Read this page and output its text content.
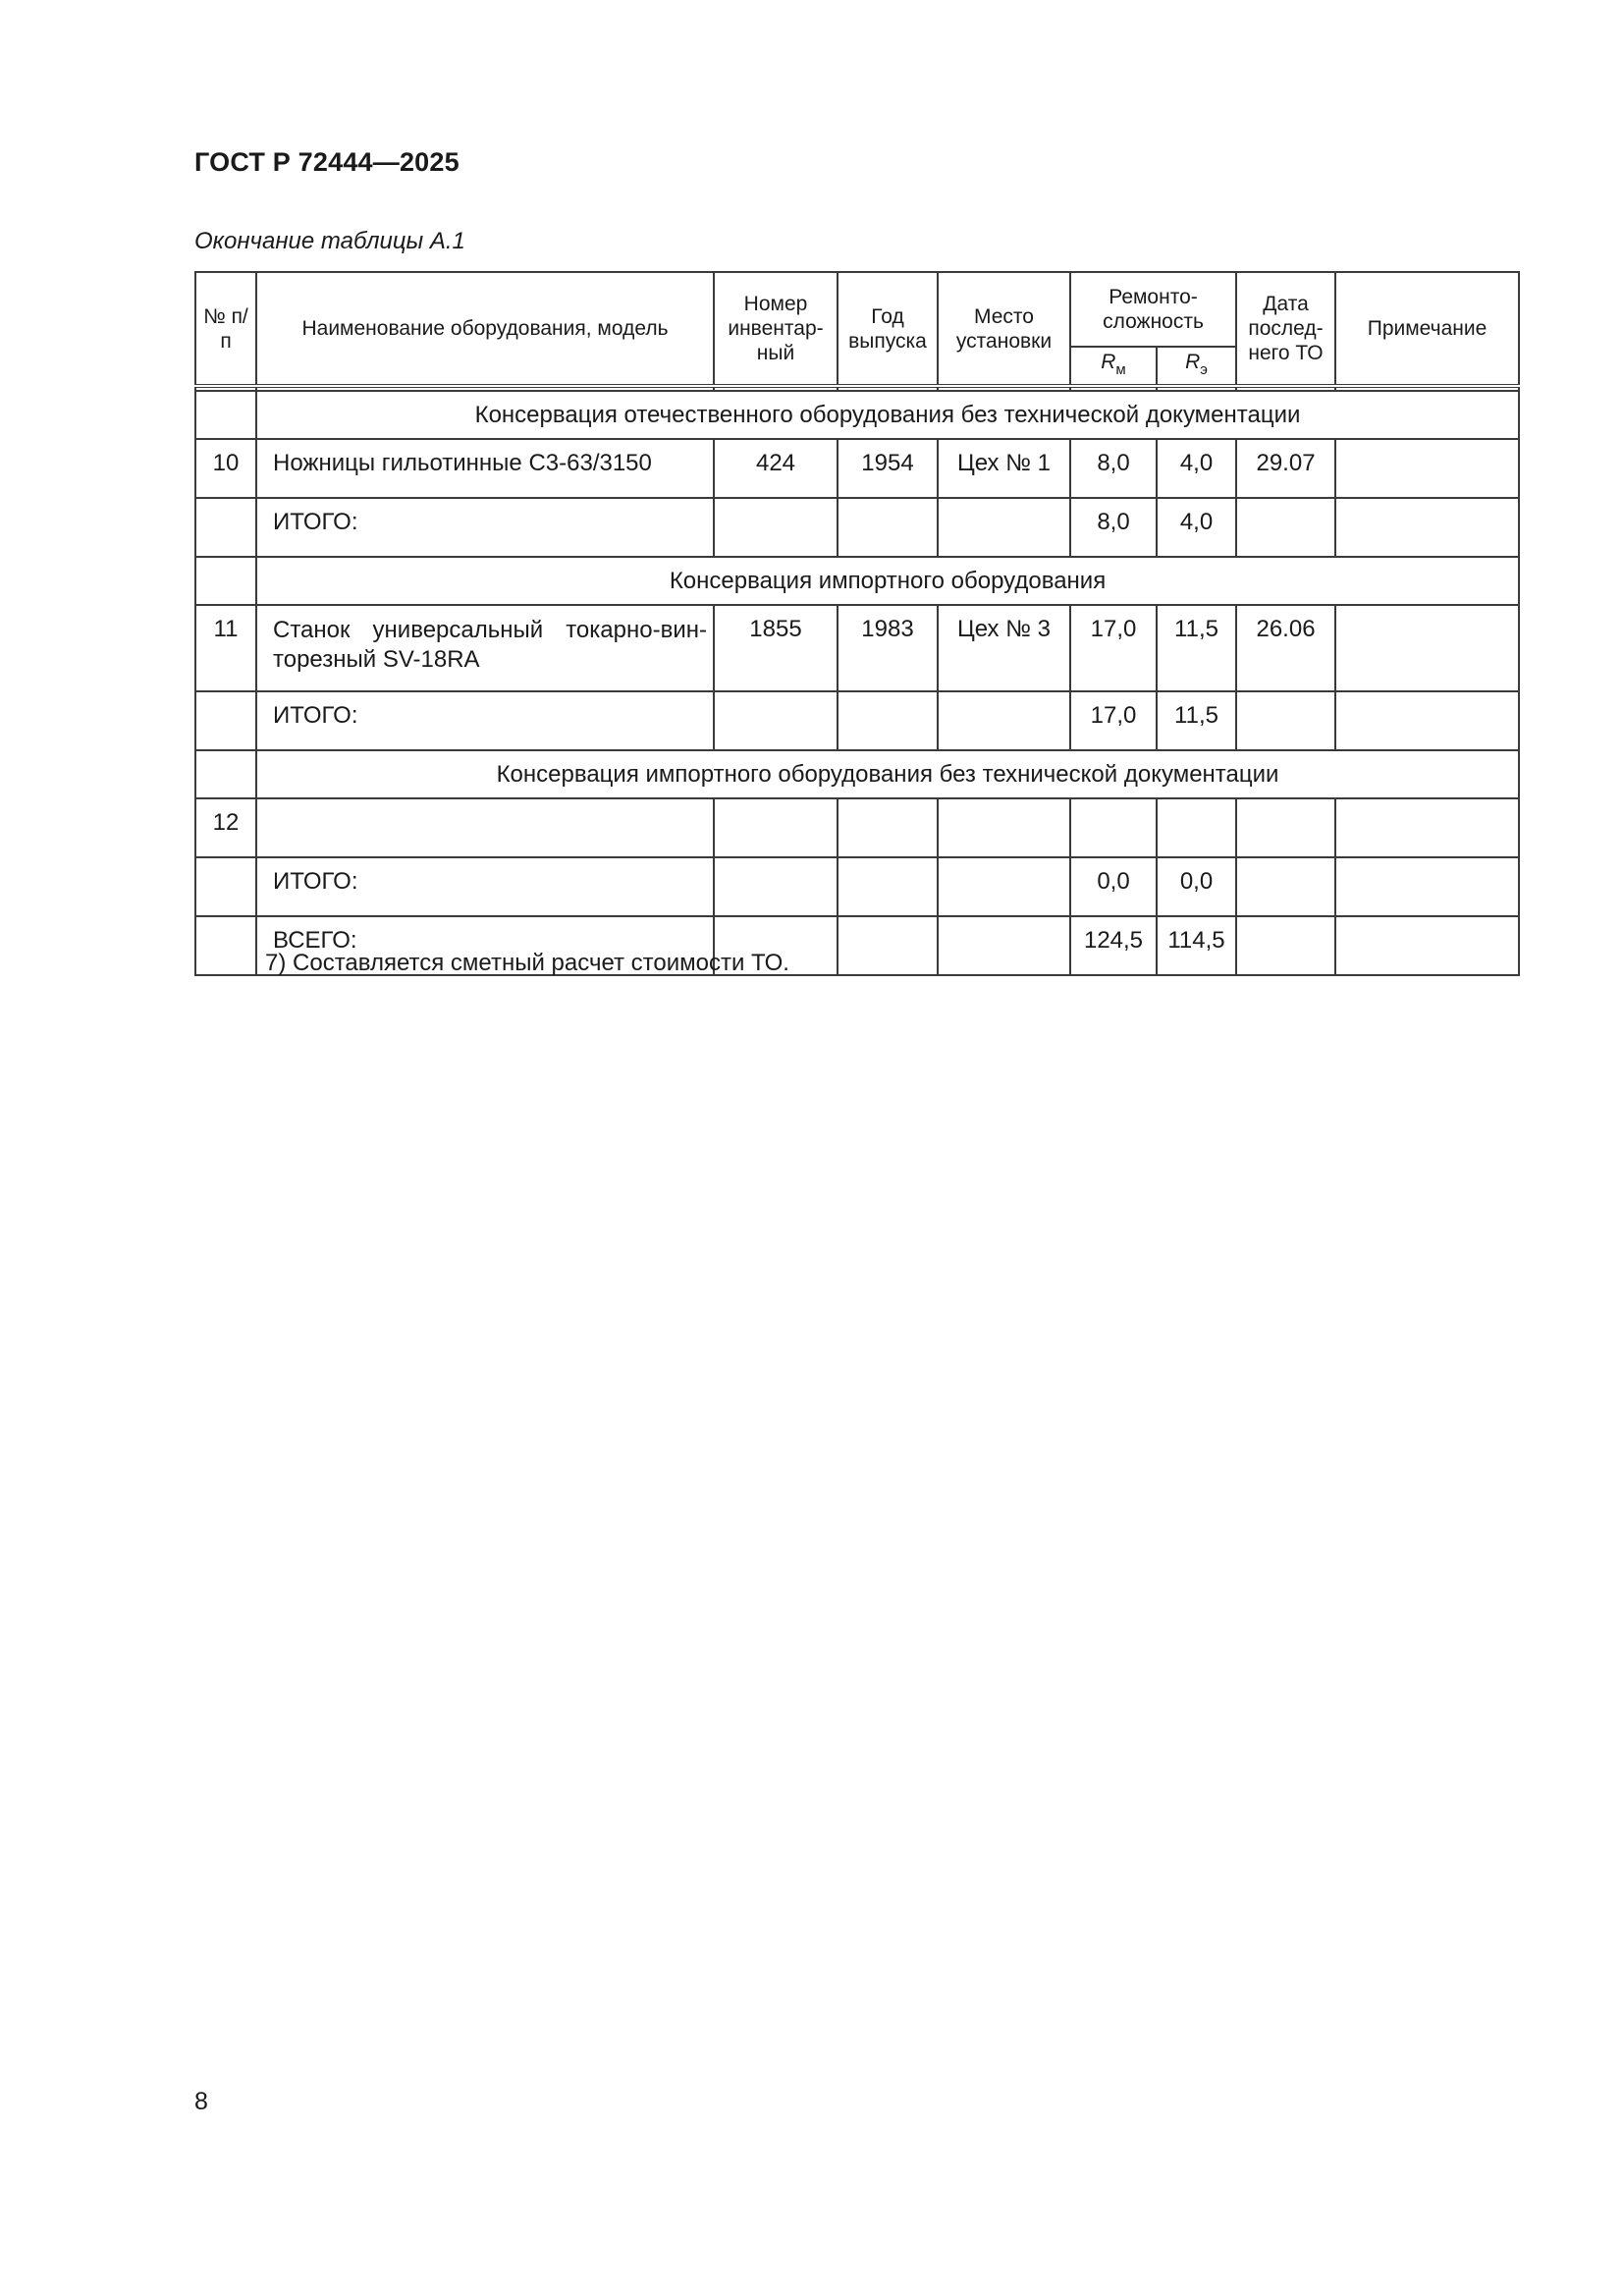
ГОСТ Р 72444—2025
Окончание таблицы А.1
№ п/п	Наименование оборудования, модель	Номер инвентар-ный	Год выпуска	Место установки	Ремонто-сложность		Дата послед-него ТО	Примечание
					$R_м$	$R_э$

	Консервация отечественного оборудования без технической документации							
10	Ножницы гильотинные С3-63/3150	424	1954	Цех № 1	8,0	4,0	29.07	
	ИТОГО:				8,0	4,0		
	Консервация импортного оборудования							
11	Станок универсальный токарно-вин-торезный SV-18RA	1855	1983	Цех № 3	17,0	11,5	26.06	
	ИТОГО:				17,0	11,5		
	Консервация импортного оборудования без технической документации							
12								
	ИТОГО:				0,0	0,0		
	ВСЕГО:				124,5	114,5		
7) Составляется сметный расчет стоимости ТО.
8
